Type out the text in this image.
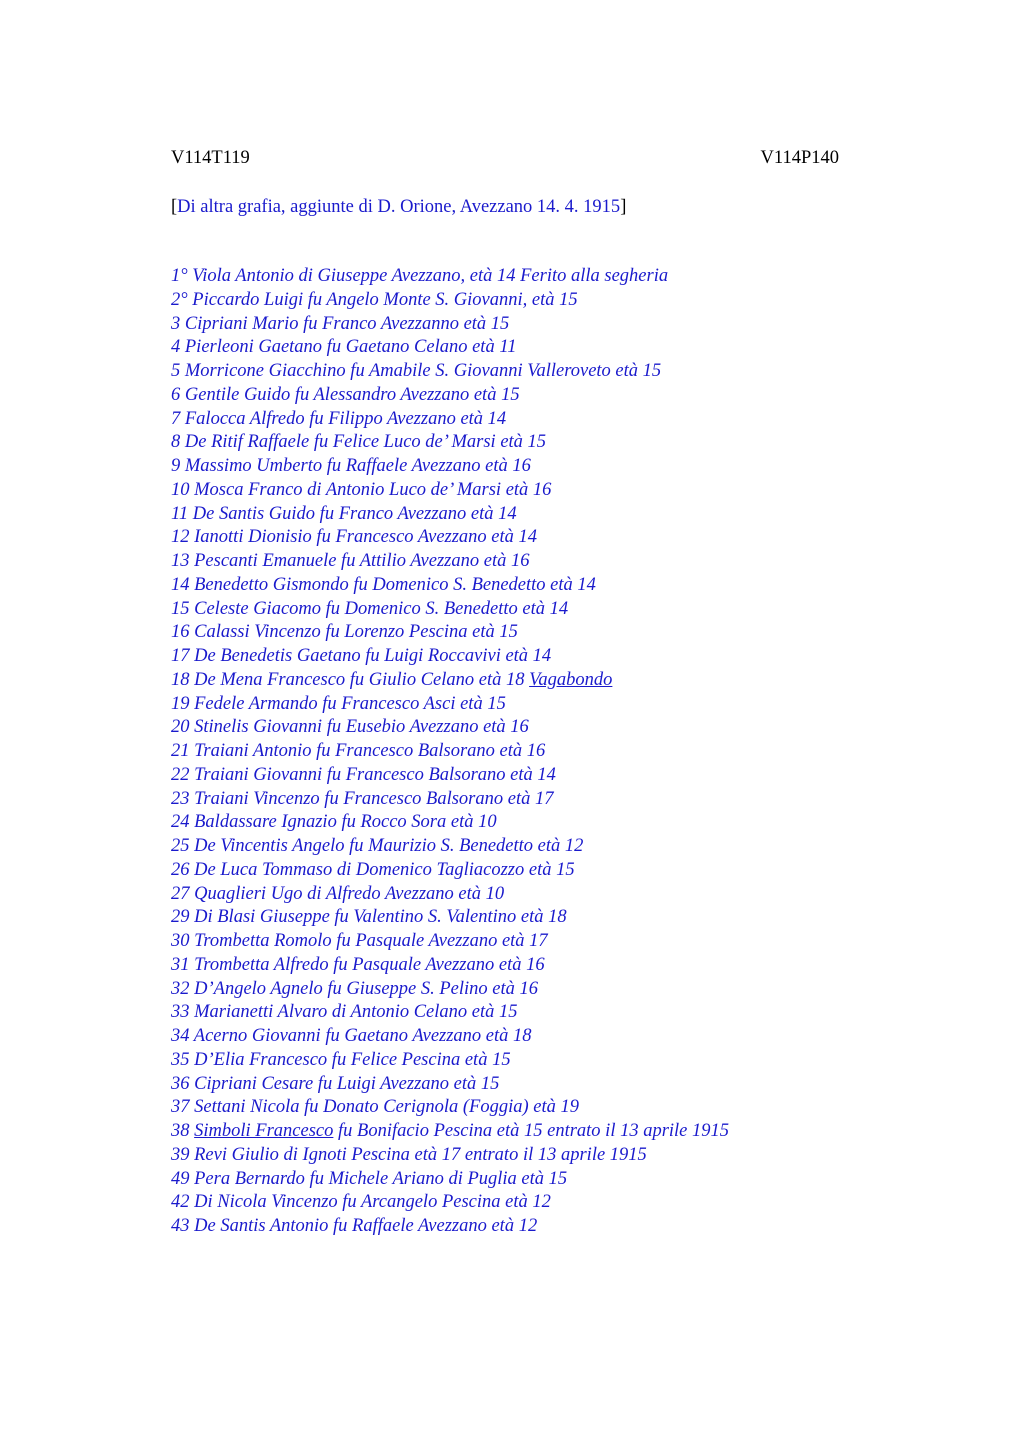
V114T119	V114P140
[Di altra grafia, aggiunte di D. Orione, Avezzano 14. 4. 1915]
1° Viola Antonio di Giuseppe Avezzano, età 14 Ferito alla segheria
2° Piccardo Luigi fu Angelo Monte S. Giovanni, età 15
3 Cipriani Mario fu Franco Avezzanno età 15
4 Pierleoni Gaetano fu Gaetano Celano età 11
5 Morricone Giacchino fu Amabile S. Giovanni Valleroveto età 15
6 Gentile Guido fu Alessandro Avezzano età 15
7 Falocca Alfredo fu Filippo Avezzano età 14
8 De Ritif Raffaele fu Felice Luco de’ Marsi età 15
9 Massimo Umberto fu Raffaele Avezzano età 16
10 Mosca Franco di Antonio Luco de’ Marsi età 16
11 De Santis Guido fu Franco Avezzano età 14
12 Ianotti Dionisio fu Francesco Avezzano età 14
13 Pescanti Emanuele fu Attilio Avezzano età 16
14 Benedetto Gismondo fu Domenico S. Benedetto età 14
15 Celeste Giacomo fu Domenico S. Benedetto età 14
16 Calassi Vincenzo fu Lorenzo Pescina età 15
17 De Benedetis Gaetano fu Luigi Roccavivi età 14
18 De Mena Francesco fu Giulio Celano età 18 Vagabondo
19 Fedele Armando fu Francesco Asci età 15
20 Stinelis Giovanni fu Eusebio Avezzano età 16
21 Traiani Antonio fu Francesco Balsorano età 16
22 Traiani Giovanni fu Francesco Balsorano età 14
23 Traiani Vincenzo fu Francesco Balsorano età 17
24 Baldassare Ignazio fu Rocco Sora età 10
25 De Vincentis Angelo fu Maurizio S. Benedetto età 12
26 De Luca Tommaso di Domenico Tagliacozzo età 15
27 Quaglieri Ugo di Alfredo Avezzano età 10
29 Di Blasi Giuseppe fu Valentino S. Valentino età 18
30 Trombetta Romolo fu Pasquale Avezzano età 17
31 Trombetta Alfredo fu Pasquale Avezzano età 16
32 D’Angelo Agnelo fu Giuseppe S. Pelino età 16
33 Marianetti Alvaro di Antonio Celano età 15
34 Acerno Giovanni fu Gaetano Avezzano età 18
35 D’Elia Francesco fu Felice Pescina età 15
36 Cipriani Cesare fu Luigi Avezzano età 15
37 Settani Nicola fu Donato Cerignola (Foggia) età 19
38 Simboli Francesco fu Bonifacio Pescina età 15 entrato il 13 aprile 1915
39 Revi Giulio di Ignoti Pescina età 17 entrato il 13 aprile 1915
49 Pera Bernardo fu Michele Ariano di Puglia età 15
42 Di Nicola Vincenzo fu Arcangelo Pescina età 12
43 De Santis Antonio fu Raffaele Avezzano età 12
